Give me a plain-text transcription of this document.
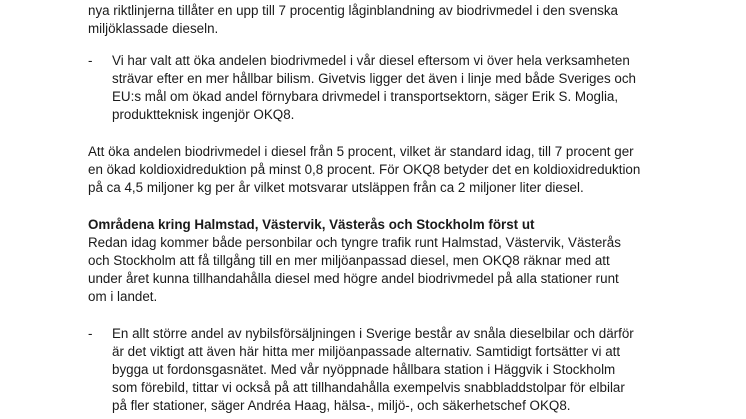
nya riktlinjerna tillåter en upp till 7 procentig låginblandning av biodrivmedel i den svenska
miljöklassade dieseln.
- Vi har valt att öka andelen biodrivmedel i vår diesel eftersom vi över hela verksamheten
strävar efter en mer hållbar bilism. Givetvis ligger det även i linje med både Sveriges och
EU:s mål om ökad andel förnybara drivmedel i transportsektorn, säger Erik S. Moglia,
produktteknisk ingenjör OKQ8.
Att öka andelen biodrivmedel i diesel från 5 procent, vilket är standard idag, till 7 procent ger
en ökad koldioxidreduktion på minst 0,8 procent. För OKQ8 betyder det en koldioxidreduktion
på ca 4,5 miljoner kg per år vilket motsvarar utsläppen från ca 2 miljoner liter diesel.
Områdena kring Halmstad, Västervik, Västerås och Stockholm först ut
Redan idag kommer både personbilar och tyngre trafik runt Halmstad, Västervik, Västerås
och Stockholm att få tillgång till en mer miljöanpassad diesel, men OKQ8 räknar med att
under året kunna tillhandahålla diesel med högre andel biodrivmedel på alla stationer runt
om i landet.
- En allt större andel av nybilsförsäljningen i Sverige består av snåla dieselbilar och därför
är det viktigt att även här hitta mer miljöanpassade alternativ. Samtidigt fortsätter vi att
bygga ut fordonsgasnätet. Med vår nyöppnade hållbara station i Häggvik i Stockholm
som förebild, tittar vi också på att tillhandahålla exempelvis snabbladdstolpar för elbilar
på fler stationer, säger Andréa Haag, hälsa-, miljö-, och säkerhetschef OKQ8.
